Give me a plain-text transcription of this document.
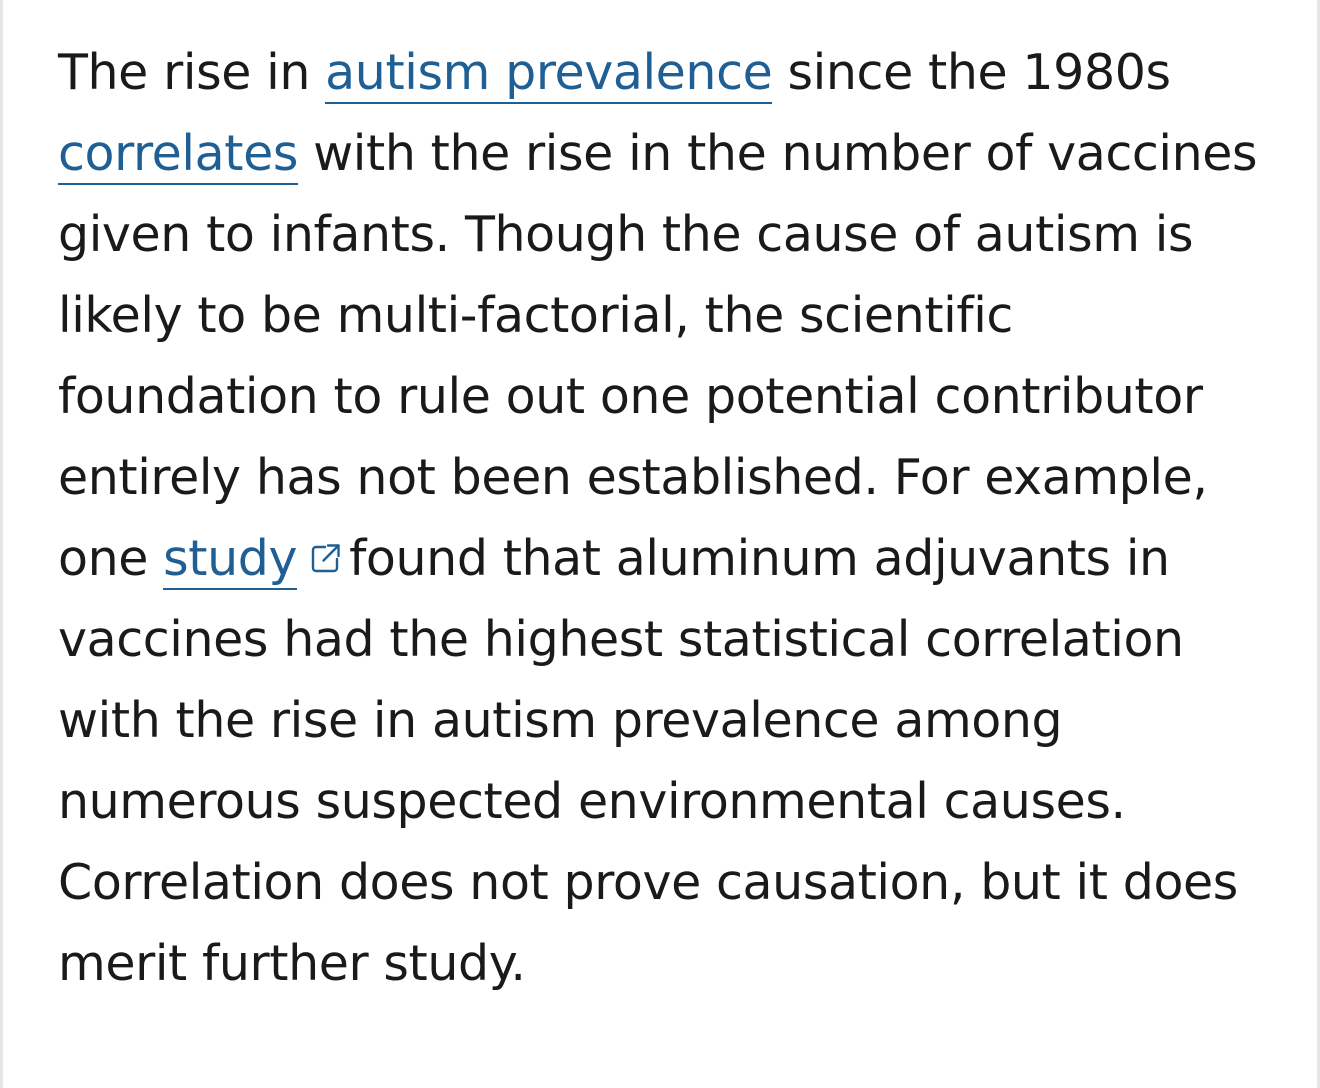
The rise in autism prevalence since the 1980s
correlates with the rise in the number of vaccines given to infants. Though the cause of autism is likely to be multi-factorial, the scientific foundation to rule out one potential contributor entirely has not been established. For example, one study found that aluminum adjuvants in vaccines had the highest statistical correlation with the rise in autism prevalence among numerous suspected environmental causes. Correlation does not prove causation, but it does merit further study.
